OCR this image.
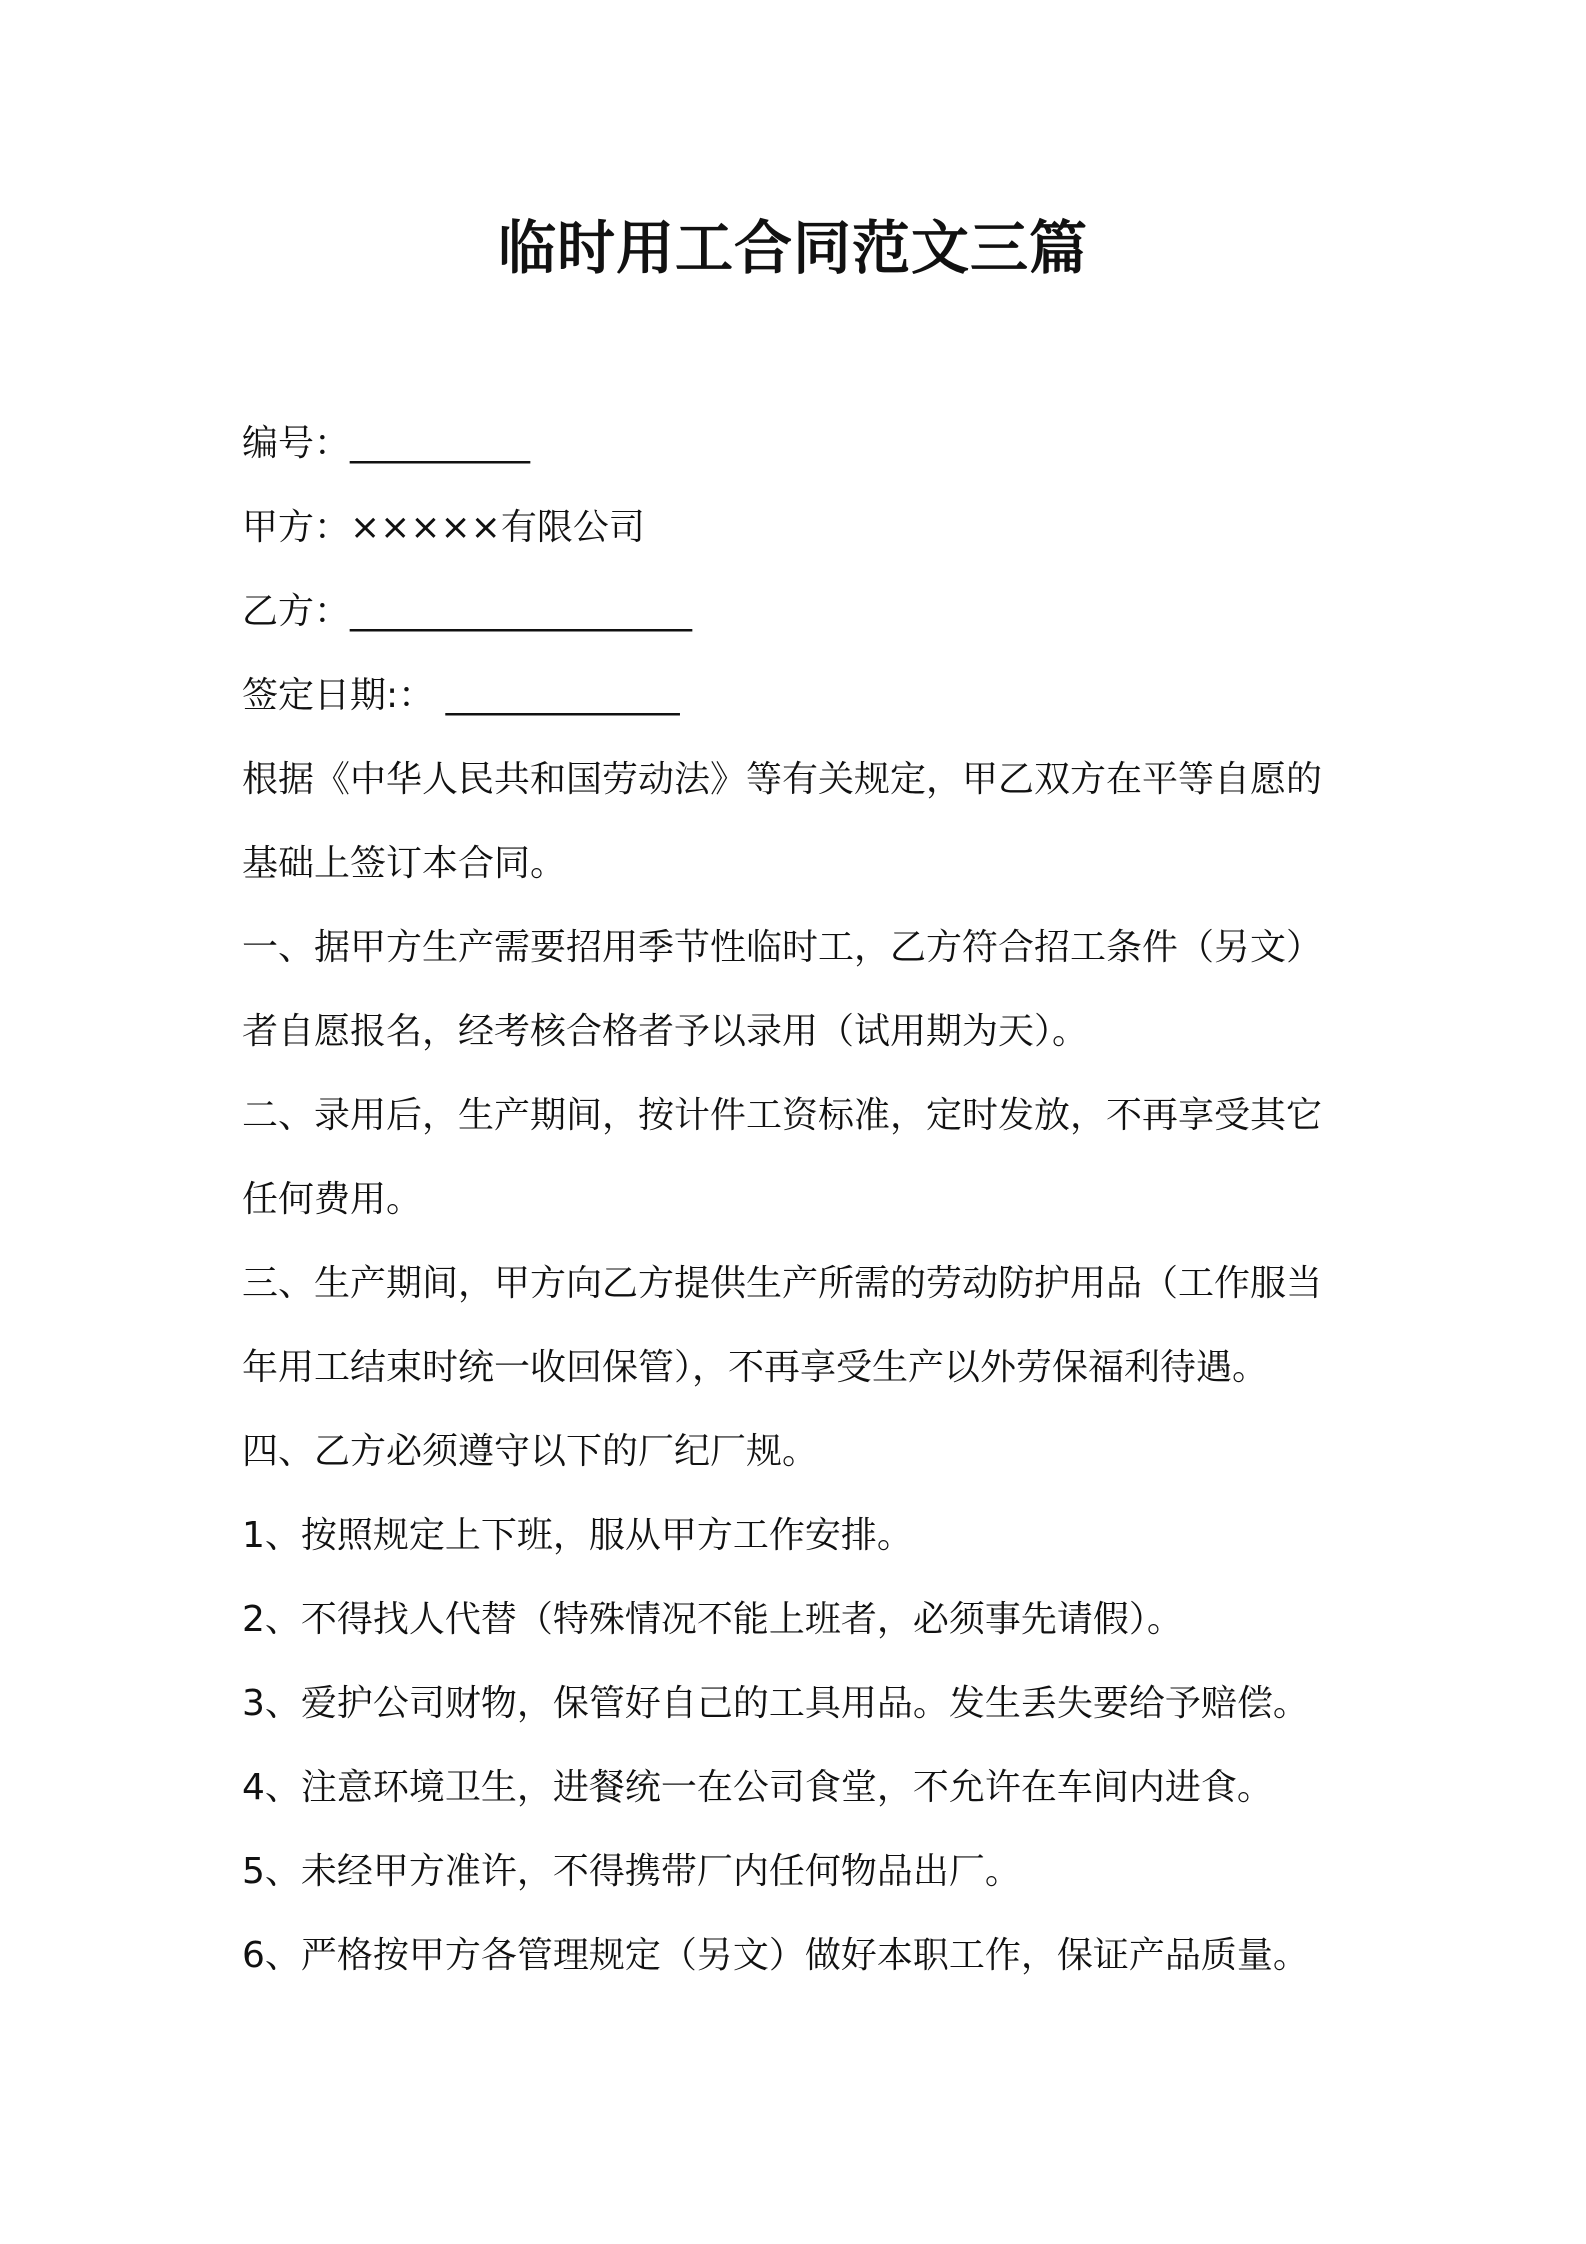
临时用工合同范文三篇
编号：__________
甲方：×××××有限公司
乙方：___________________
签定日期:： _____________
根据《中华人民共和国劳动法》等有关规定，甲乙双方在平等自愿的
基础上签订本合同。
一、据甲方生产需要招用季节性临时工，乙方符合招工条件（另文）
者自愿报名，经考核合格者予以录用（试用期为天）。
二、录用后，生产期间，按计件工资标准，定时发放，不再享受其它
任何费用。
三、生产期间，甲方向乙方提供生产所需的劳动防护用品（工作服当
年用工结束时统一收回保管），不再享受生产以外劳保福利待遇。
四、乙方必须遵守以下的厂纪厂规。
1、按照规定上下班，服从甲方工作安排。
2、不得找人代替（特殊情况不能上班者，必须事先请假）。
3、爱护公司财物，保管好自己的工具用品。发生丢失要给予赔偿。
4、注意环境卫生，进餐统一在公司食堂，不允许在车间内进食。
5、未经甲方准许，不得携带厂内任何物品出厂。
6、严格按甲方各管理规定（另文）做好本职工作，保证产品质量。
